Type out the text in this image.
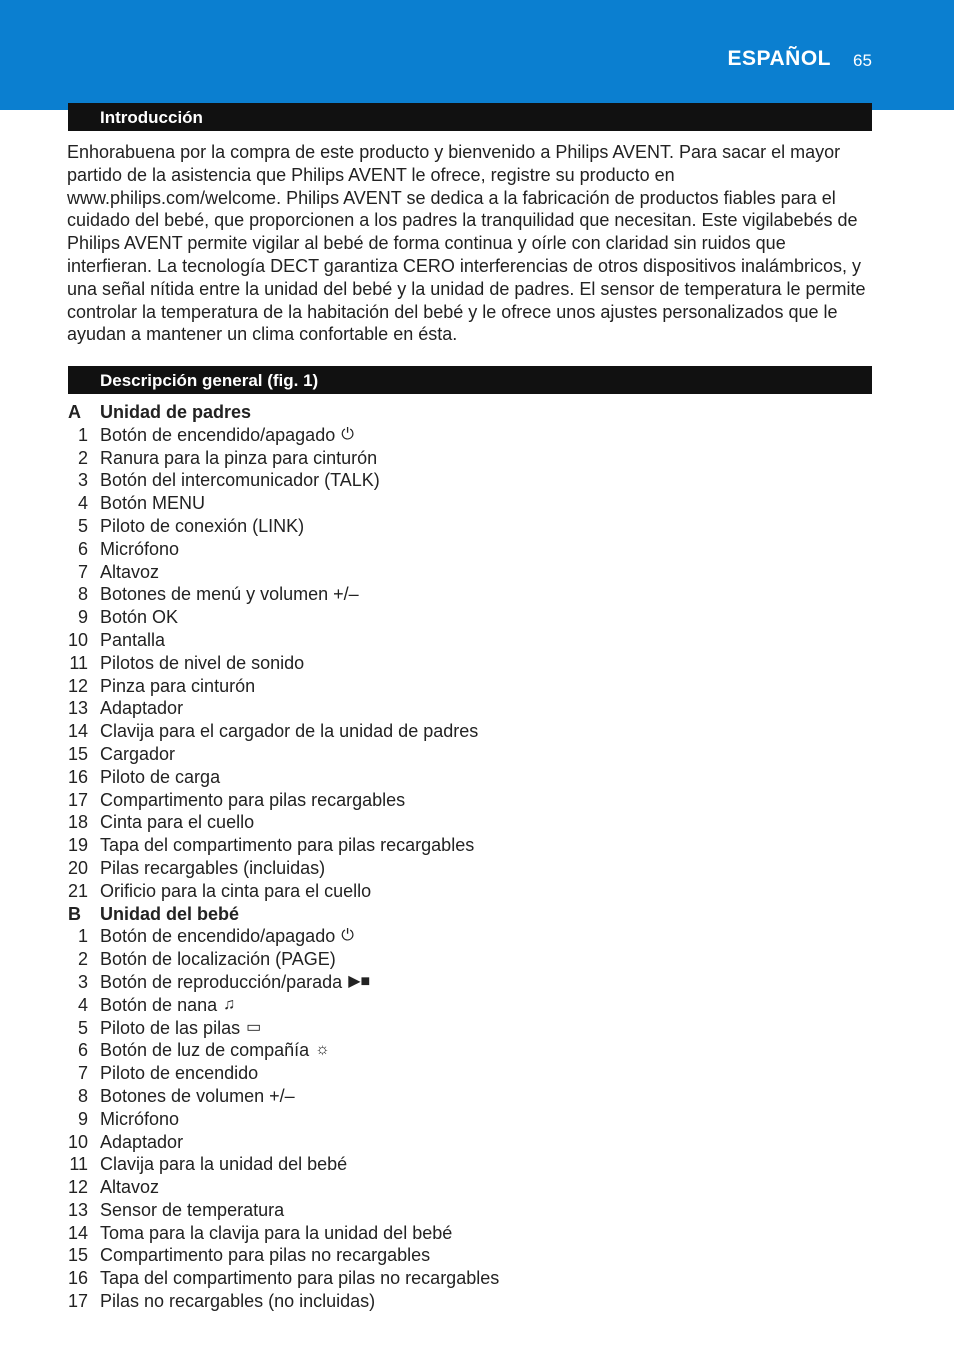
ESPAÑOL 65
Introducción
Enhorabuena por la compra de este producto y bienvenido a Philips AVENT. Para sacar el mayor partido de la asistencia que Philips AVENT le ofrece, registre su producto en www.philips.com/welcome. Philips AVENT se dedica a la fabricación de productos fiables para el cuidado del bebé, que proporcionen a los padres la tranquilidad que necesitan. Este vigilabebés de Philips AVENT permite vigilar al bebé de forma continua y oírle con claridad sin ruidos que interfieran. La tecnología DECT garantiza CERO interferencias de otros dispositivos inalámbricos, y una señal nítida entre la unidad del bebé y la unidad de padres. El sensor de temperatura le permite controlar la temperatura de la habitación del bebé y le ofrece unos ajustes personalizados que le ayudan a mantener un clima confortable en ésta.
Descripción general (fig. 1)
A	Unidad de padres
1 Botón de encendido/apagado ⏻
2 Ranura para la pinza para cinturón
3 Botón del intercomunicador (TALK)
4 Botón MENU
5 Piloto de conexión (LINK)
6 Micrófono
7 Altavoz
8 Botones de menú y volumen +/–
9 Botón OK
10 Pantalla
11 Pilotos de nivel de sonido
12 Pinza para cinturón
13 Adaptador
14 Clavija para el cargador de la unidad de padres
15 Cargador
16 Piloto de carga
17 Compartimento para pilas recargables
18 Cinta para el cuello
19 Tapa del compartimento para pilas recargables
20 Pilas recargables (incluidas)
21 Orificio para la cinta para el cuello
B	Unidad del bebé
1 Botón de encendido/apagado ⏻
2 Botón de localización (PAGE)
3 Botón de reproducción/parada ▶■
4 Botón de nana ♫
5 Piloto de las pilas ▭
6 Botón de luz de compañía ☼
7 Piloto de encendido
8 Botones de volumen +/–
9 Micrófono
10 Adaptador
11 Clavija para la unidad del bebé
12 Altavoz
13 Sensor de temperatura
14 Toma para la clavija para la unidad del bebé
15 Compartimento para pilas no recargables
16 Tapa del compartimento para pilas no recargables
17 Pilas no recargables (no incluidas)
